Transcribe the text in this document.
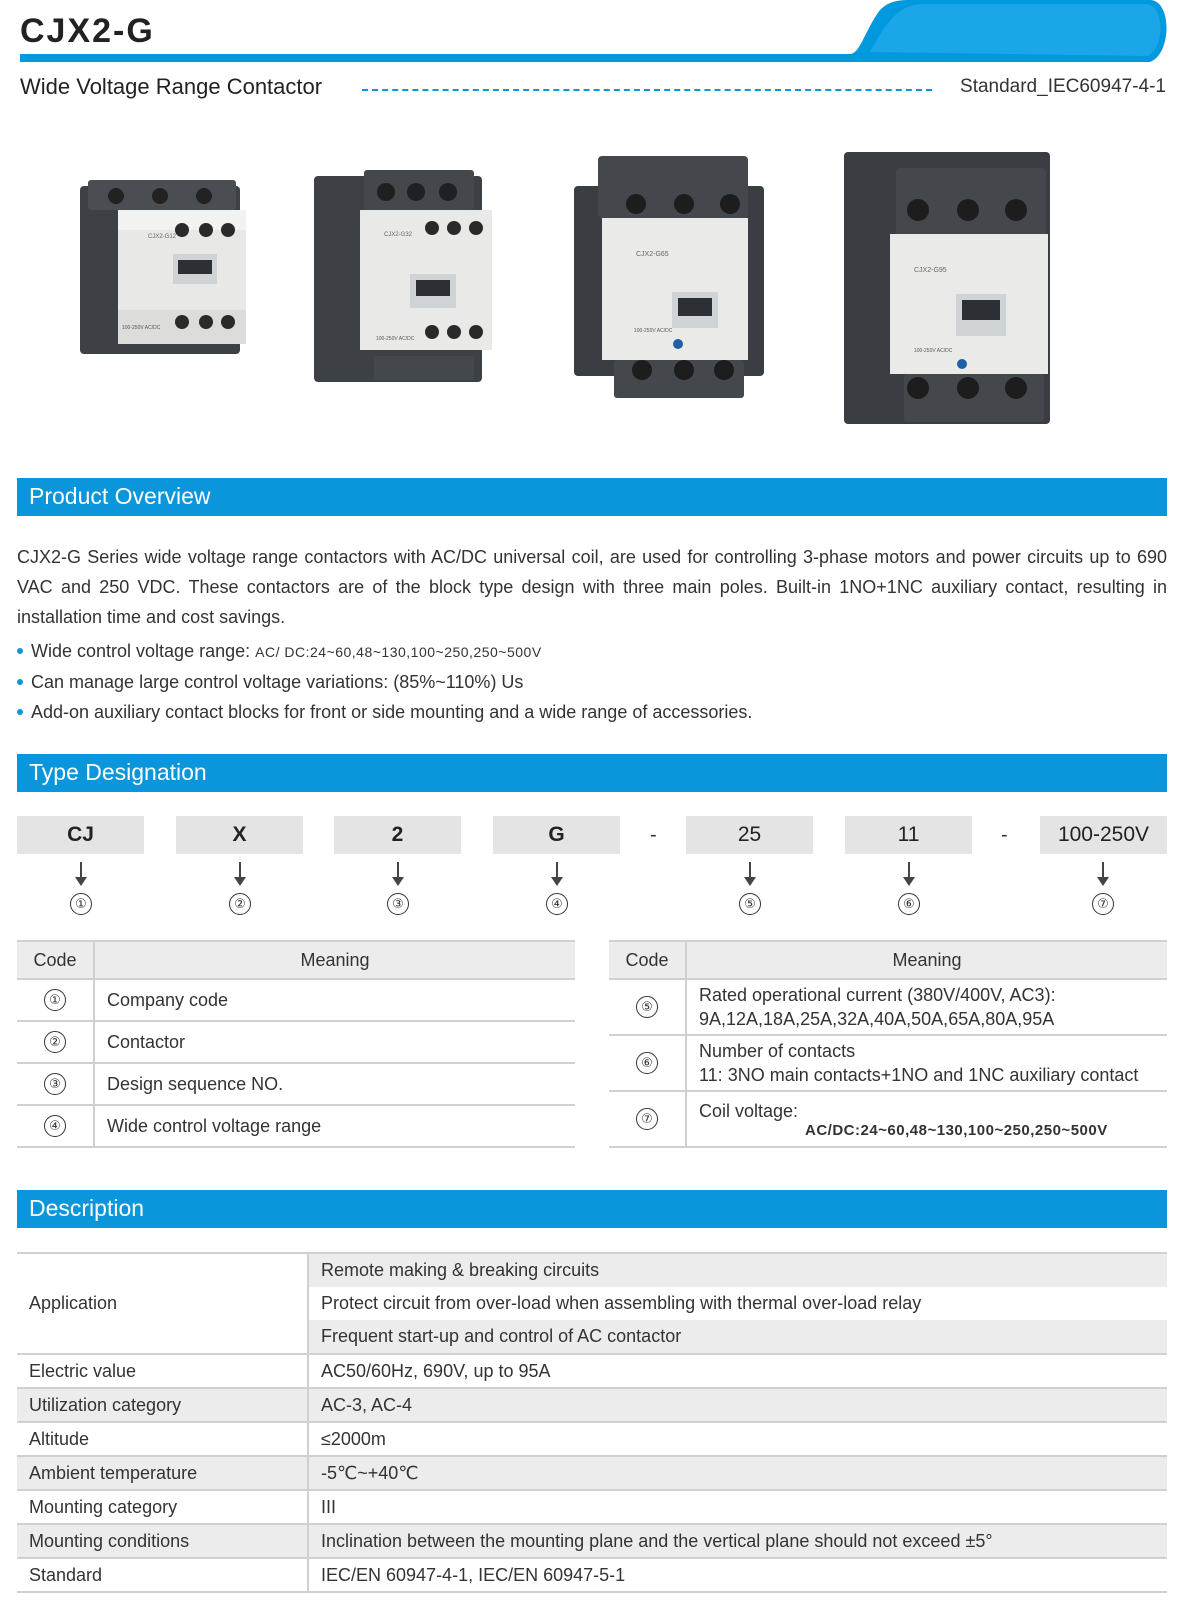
CJX2-G
Wide Voltage Range Contactor	Standard_IEC60947-4-1
CJX2-G12
100-250V AC/DC
CJX2-G32
100-250V AC/DC
CJX2-G65
100-250V AC/DC
CJX2-G95
100-250V AC/DC
Product Overview
CJX2-G Series wide voltage range contactors with AC/DC universal coil, are used for controlling 3-phase motors and power circuits up to 690 VAC and 250 VDC. These contactors are of the block type design with three main poles. Built-in 1NO+1NC auxiliary contact, resulting in installation time and cost savings.
Wide control voltage range: AC/ DC:24~60,48~130,100~250,250~500V
Can manage large control voltage variations: (85%~110%) Us
Add-on auxiliary contact blocks for front or side mounting and a wide range of accessories.
Type Designation
CJ	X	2	G	-	25	11	-	100-250V
①	②	③	④	⑤	⑥	⑦
Code	Meaning
①	Company code
②	Contactor
③	Design sequence NO.
④	Wide control voltage range
Code	Meaning
⑤
Rated operational current (380V/400V, AC3):
9A,12A,18A,25A,32A,40A,50A,65A,80A,95A
⑥
Number of contacts
11: 3NO main contacts+1NO and 1NC auxiliary contact
⑦	Coil voltage:
AC/DC:24~60,48~130,100~250,250~500V
Description
Application
Remote making & breaking circuits
Protect circuit from over-load when assembling with thermal over-load relay
Frequent start-up and control of AC contactor
Electric value	AC50/60Hz, 690V, up to 95A
Utilization category	AC-3, AC-4
Altitude	≤2000m
Ambient temperature	-5℃~+40℃
Mounting category	III
Mounting conditions	Inclination between the mounting plane and the vertical plane should not exceed ±5°
Standard	IEC/EN 60947-4-1, IEC/EN 60947-5-1
